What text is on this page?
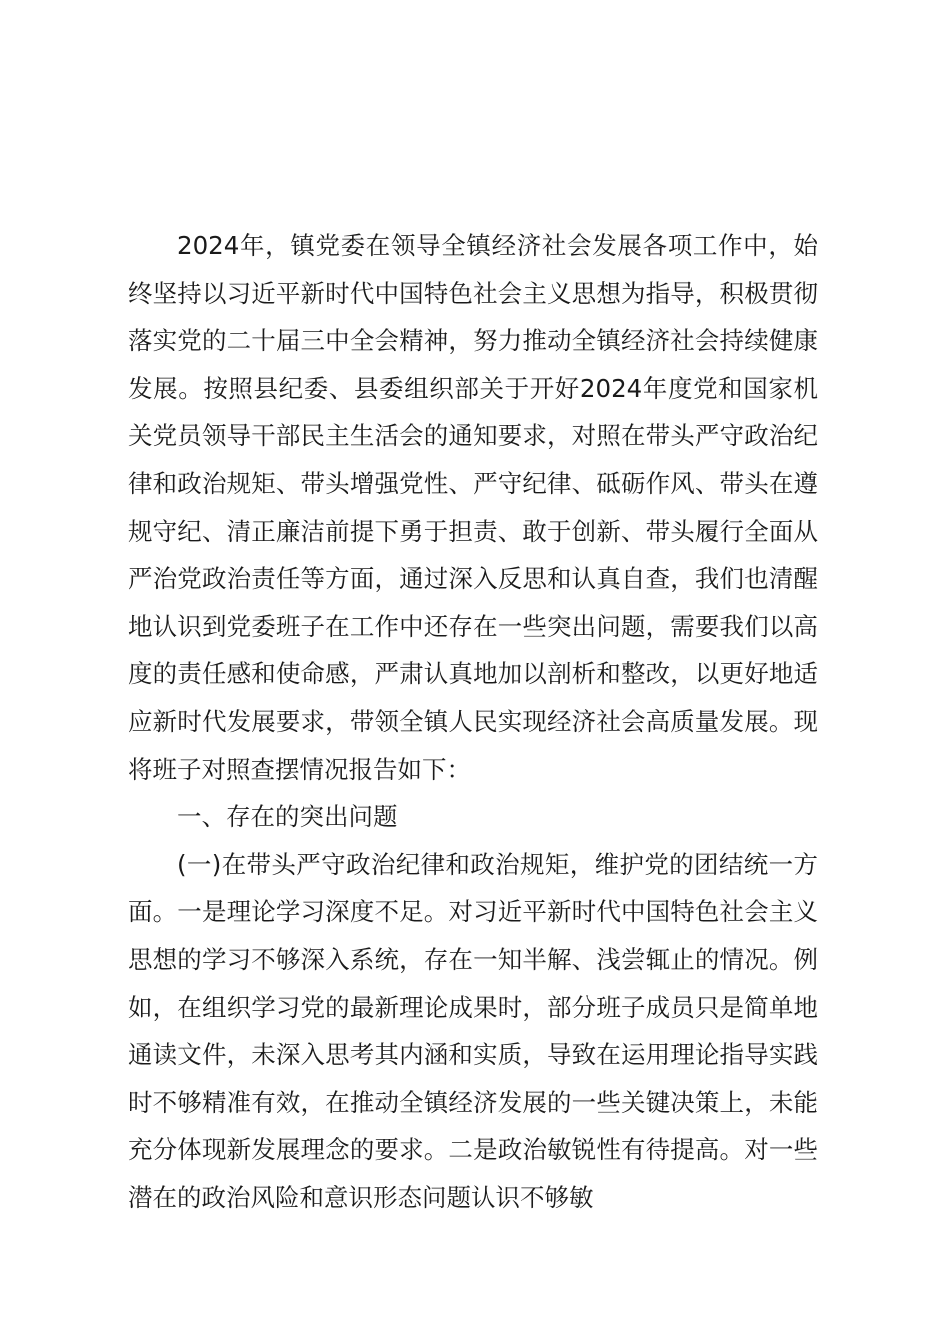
2024年，镇党委在领导全镇经济社会发展各项工作中，始终坚持以习近平新时代中国特色社会主义思想为指导，积极贯彻落实党的二十届三中全会精神，努力推动全镇经济社会持续健康发展。按照县纪委、县委组织部关于开好2024年度党和国家机关党员领导干部民主生活会的通知要求，对照在带头严守政治纪律和政治规矩、带头增强党性、严守纪律、砥砺作风、带头在遵规守纪、清正廉洁前提下勇于担责、敢于创新、带头履行全面从严治党政治责任等方面，通过深入反思和认真自查，我们也清醒地认识到党委班子在工作中还存在一些突出问题，需要我们以高度的责任感和使命感，严肃认真地加以剖析和整改，以更好地适应新时代发展要求，带领全镇人民实现经济社会高质量发展。现将班子对照查摆情况报告如下：

一、存在的突出问题

(一)在带头严守政治纪律和政治规矩，维护党的团结统一方面。一是理论学习深度不足。对习近平新时代中国特色社会主义思想的学习不够深入系统，存在一知半解、浅尝辄止的情况。例如，在组织学习党的最新理论成果时，部分班子成员只是简单地通读文件，未深入思考其内涵和实质，导致在运用理论指导实践时不够精准有效，在推动全镇经济发展的一些关键决策上，未能充分体现新发展理念的要求。二是政治敏锐性有待提高。对一些潜在的政治风险和意识形态问题认识不够敏
